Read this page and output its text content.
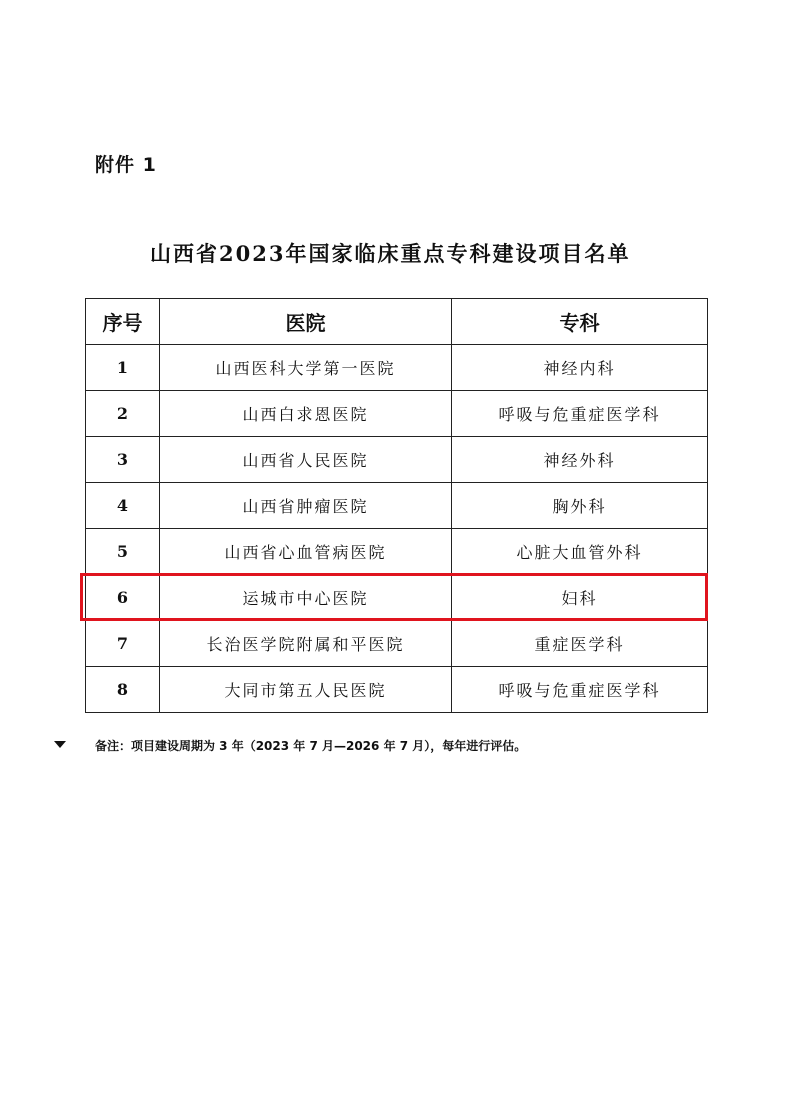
附件 1
山西省2023年国家临床重点专科建设项目名单
序号	医院	专科
1	山西医科大学第一医院	神经内科
2	山西白求恩医院	呼吸与危重症医学科
3	山西省人民医院	神经外科
4	山西省肿瘤医院	胸外科
5	山西省心血管病医院	心脏大血管外科
6	运城市中心医院	妇科
7	长治医学院附属和平医院	重症医学科
8	大同市第五人民医院	呼吸与危重症医学科
备注：项目建设周期为 3 年（2023 年 7 月—2026 年 7 月），每年进行评估。
